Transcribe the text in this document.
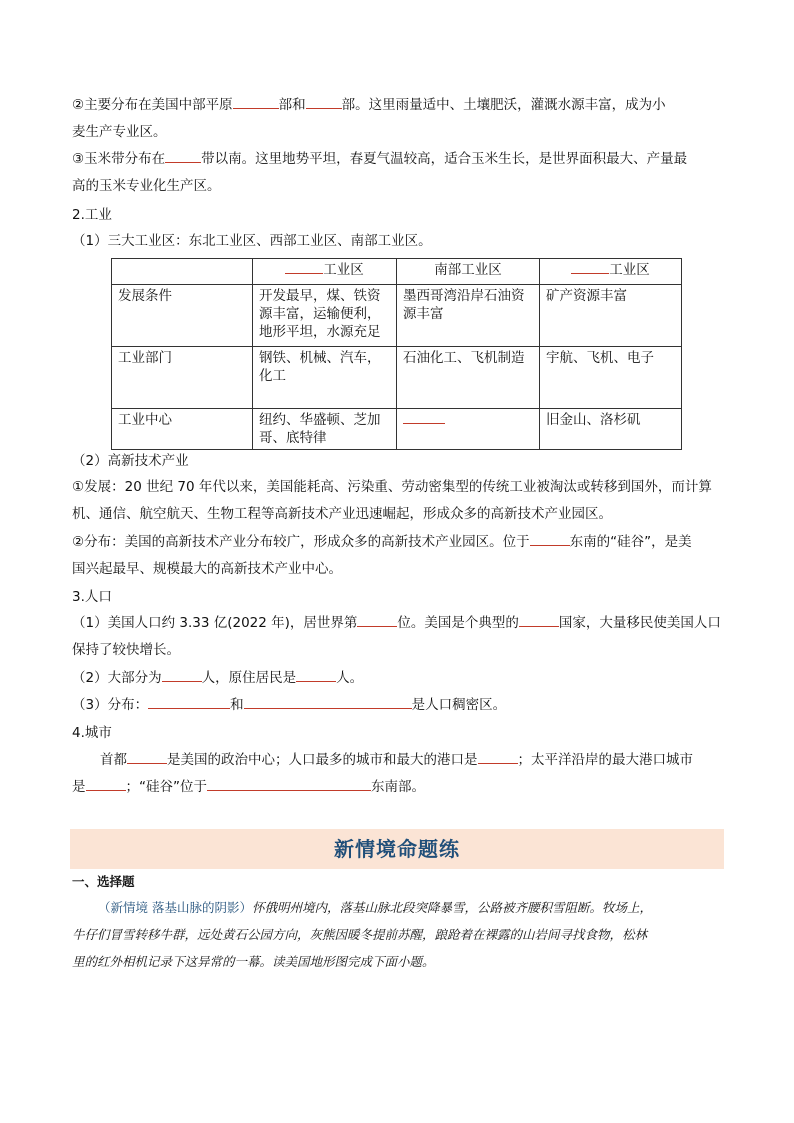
②主要分布在美国中部平原	部和	部。这里雨量适中、土壤肥沃，灌溉水源丰富，成为小
麦生产专业区。
③玉米带分布在	带以南。这里地势平坦，春夏气温较高，适合玉米生长，是世界面积最大、产量最
高的玉米专业化生产区。
2.工业
（1）三大工业区：东北工业区、西部工业区、南部工业区。
	工业区	南部工业区	工业区
发展条件	开发最早，煤、铁资源丰富，运输便利，地形平坦，水源充足	墨西哥湾沿岸石油资源丰富	矿产资源丰富
工业部门	钢铁、机械、汽车，化工	石油化工、飞机制造	宇航、飞机、电子
工业中心	纽约、华盛顿、芝加哥、底特律		旧金山、洛杉矶
（2）高新技术产业
①发展：20 世纪 70 年代以来，美国能耗高、污染重、劳动密集型的传统工业被淘汰或转移到国外，而计算
机、通信、航空航天、生物工程等高新技术产业迅速崛起，形成众多的高新技术产业园区。
②分布：美国的高新技术产业分布较广，形成众多的高新技术产业园区。位于	东南的“硅谷”，是美
国兴起最早、规模最大的高新技术产业中心。
3.人口
（1）美国人口约 3.33 亿(2022 年)，居世界第	位。美国是个典型的	国家，大量移民使美国人口
保持了较快增长。
（2）大部分为	人，原住居民是	人。
（3）分布：	和	是人口稠密区。
4.城市
首都	是美国的政治中心；人口最多的城市和最大的港口是	；太平洋沿岸的最大港口城市
是	；“硅谷”位于	东南部。
新情境命题练
一、选择题
（新情境 落基山脉的阴影）怀俄明州境内，落基山脉北段突降暴雪，公路被齐腰积雪阻断。牧场上，
牛仔们冒雪转移牛群，远处黄石公园方向，灰熊因暖冬提前苏醒，踉跄着在裸露的山岩间寻找食物，松林
里的红外相机记录下这异常的一幕。读美国地形图完成下面小题。
